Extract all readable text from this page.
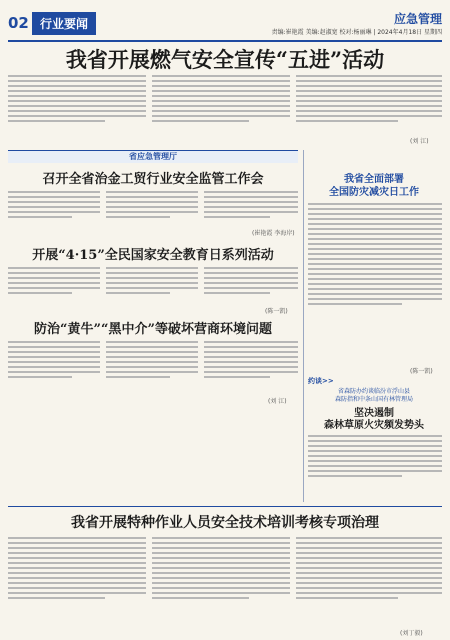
02 行业要闻	应急管理
责编:崔艳霞 美编:赵淑宽 校对:杨丽琳 | 2024年4月18日 星期四
我省开展燃气安全宣传“五进”活动
(刘 江)
省应急管理厅
召开全省治金工贸行业安全监管工作会
(崔艳霞 李海岸)
开展“4·15”全民国家安全教育日系列活动
(陈一凯)
防治“黄牛”“黑中介”等破坏营商环境问题
(刘 江)
我省全面部署
全国防灾减灾日工作
(陈一凯)
约谈>>
省森防办约谈临汾市浮山县
森防指和中条山国有林管理局
坚决遏制
森林草原火灾频发势头
我省开展特种作业人员安全技术培训考核专项治理
(刘丁毅)
